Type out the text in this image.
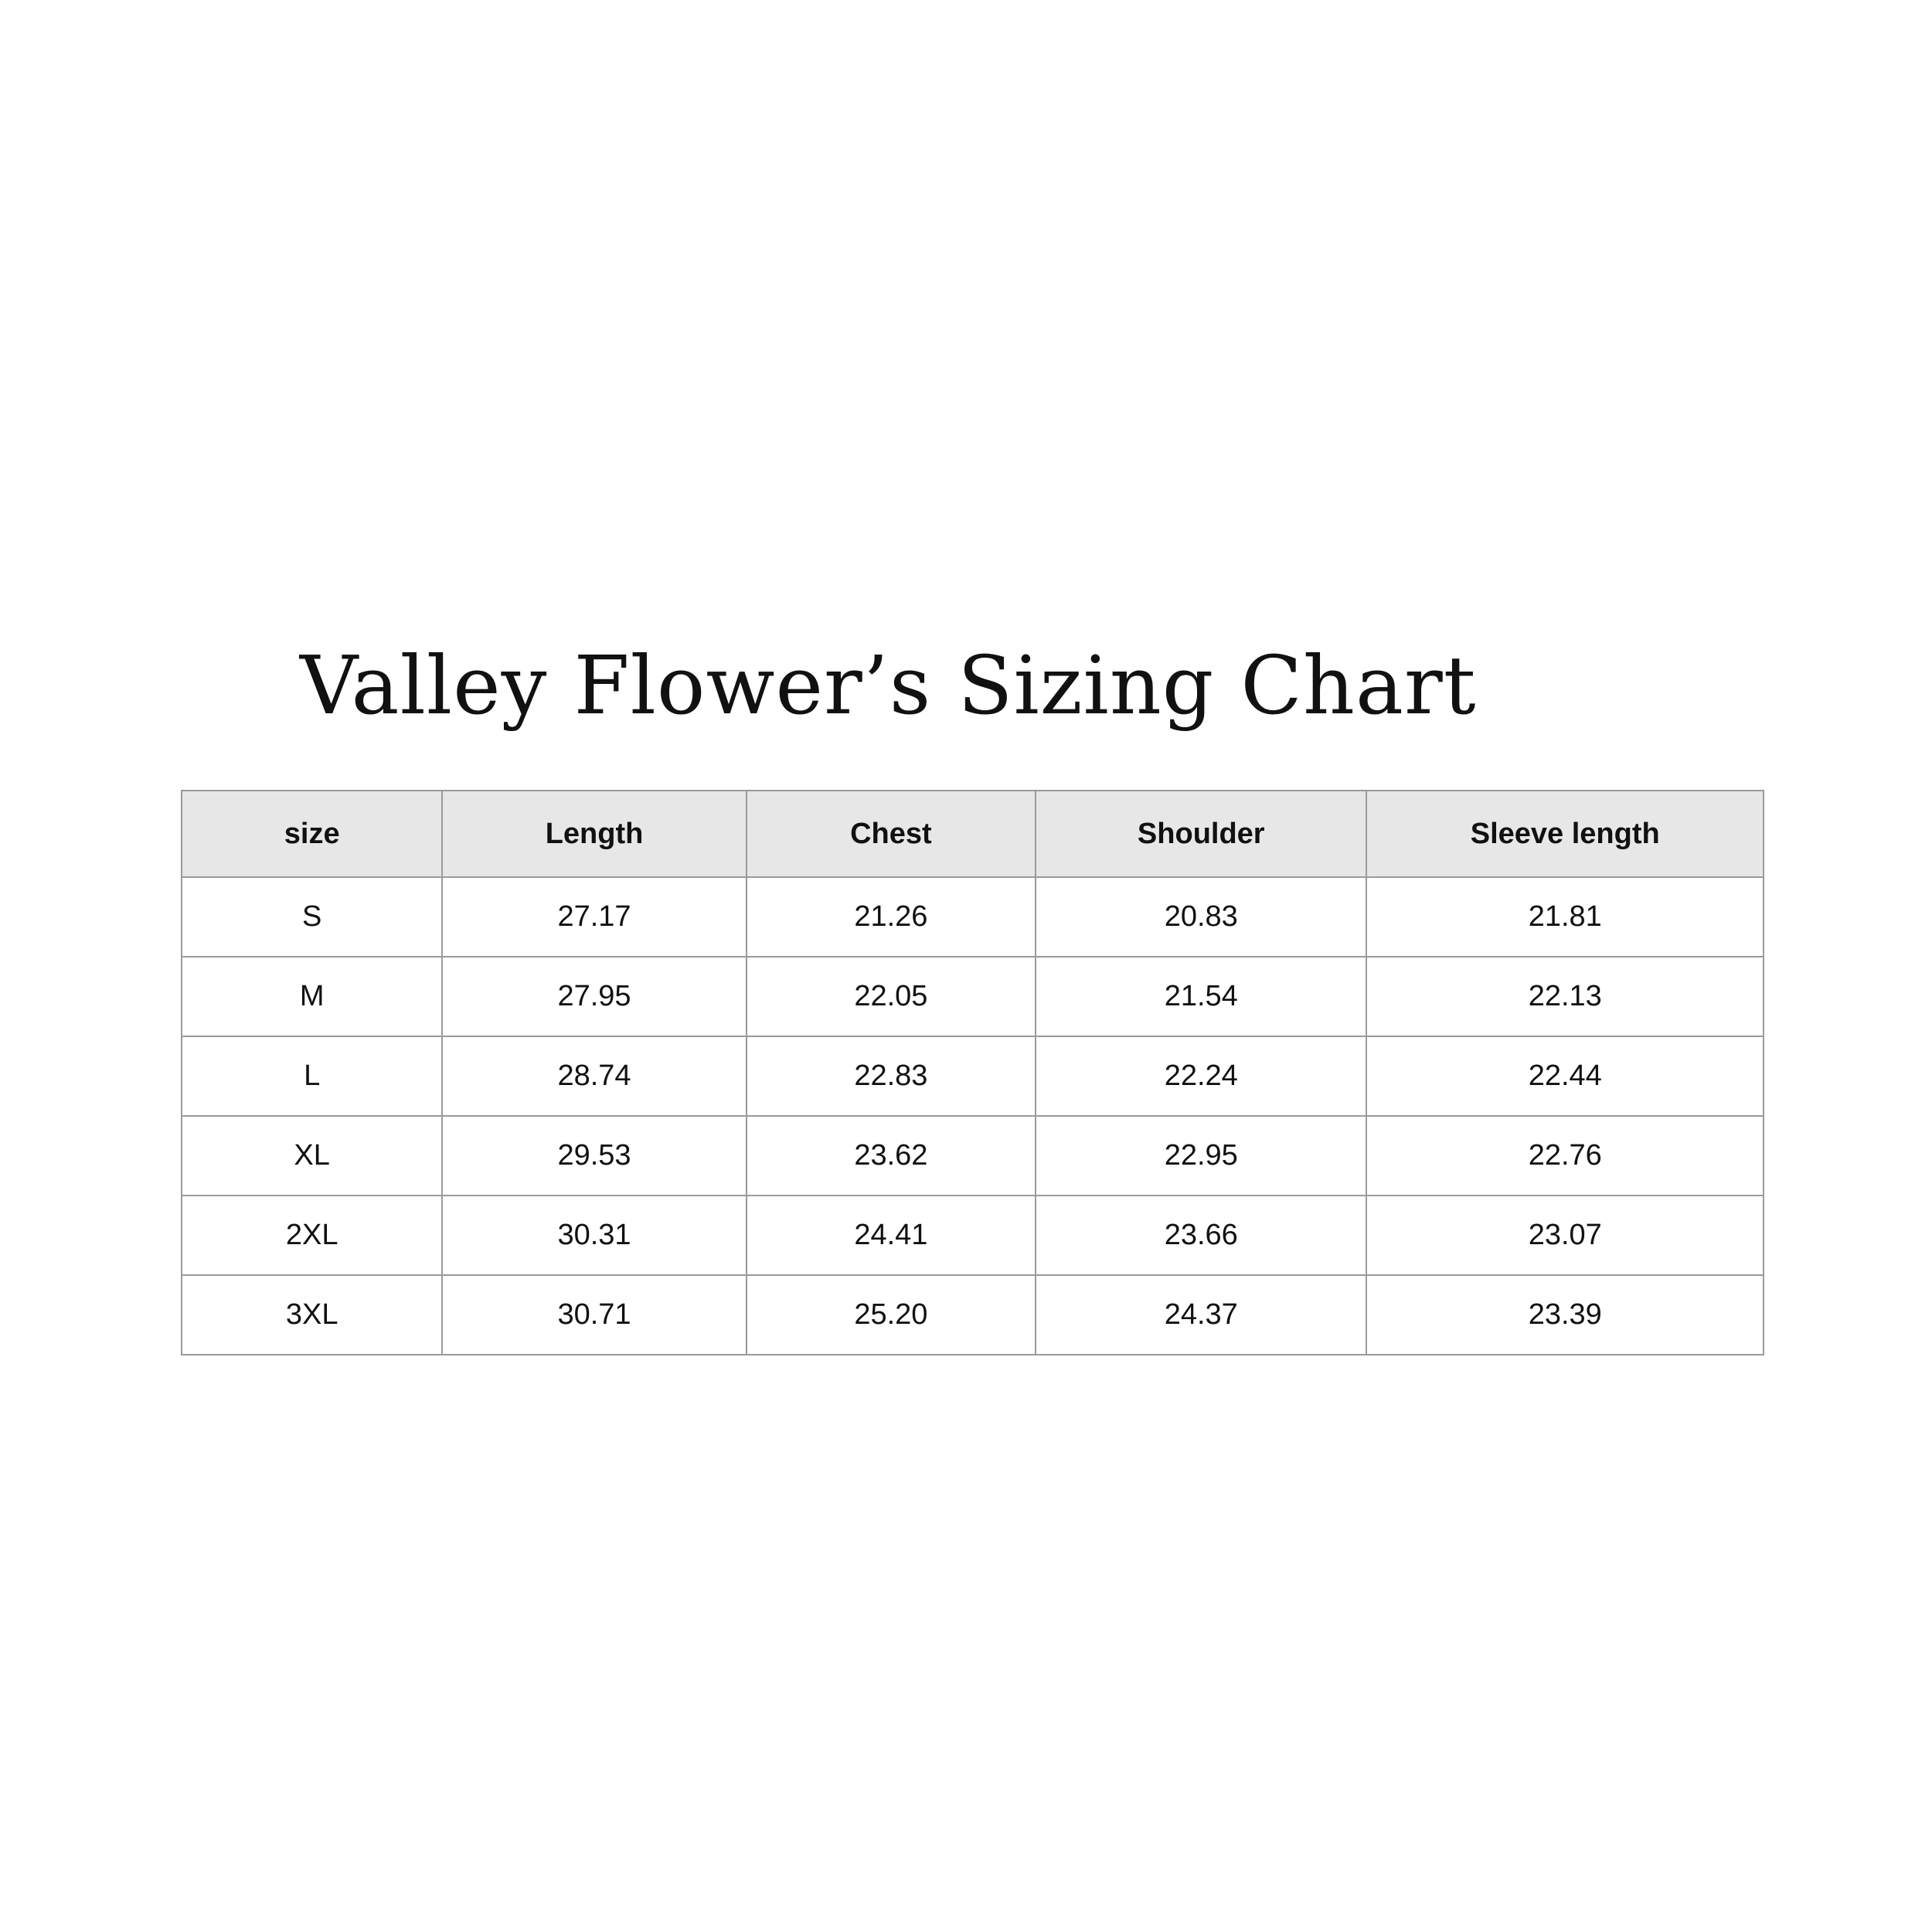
Valley Flower’s Sizing Chart
size	Length	Chest	Shoulder	Sleeve length
S	27.17	21.26	20.83	21.81
M	27.95	22.05	21.54	22.13
L	28.74	22.83	22.24	22.44
XL	29.53	23.62	22.95	22.76
2XL	30.31	24.41	23.66	23.07
3XL	30.71	25.20	24.37	23.39
